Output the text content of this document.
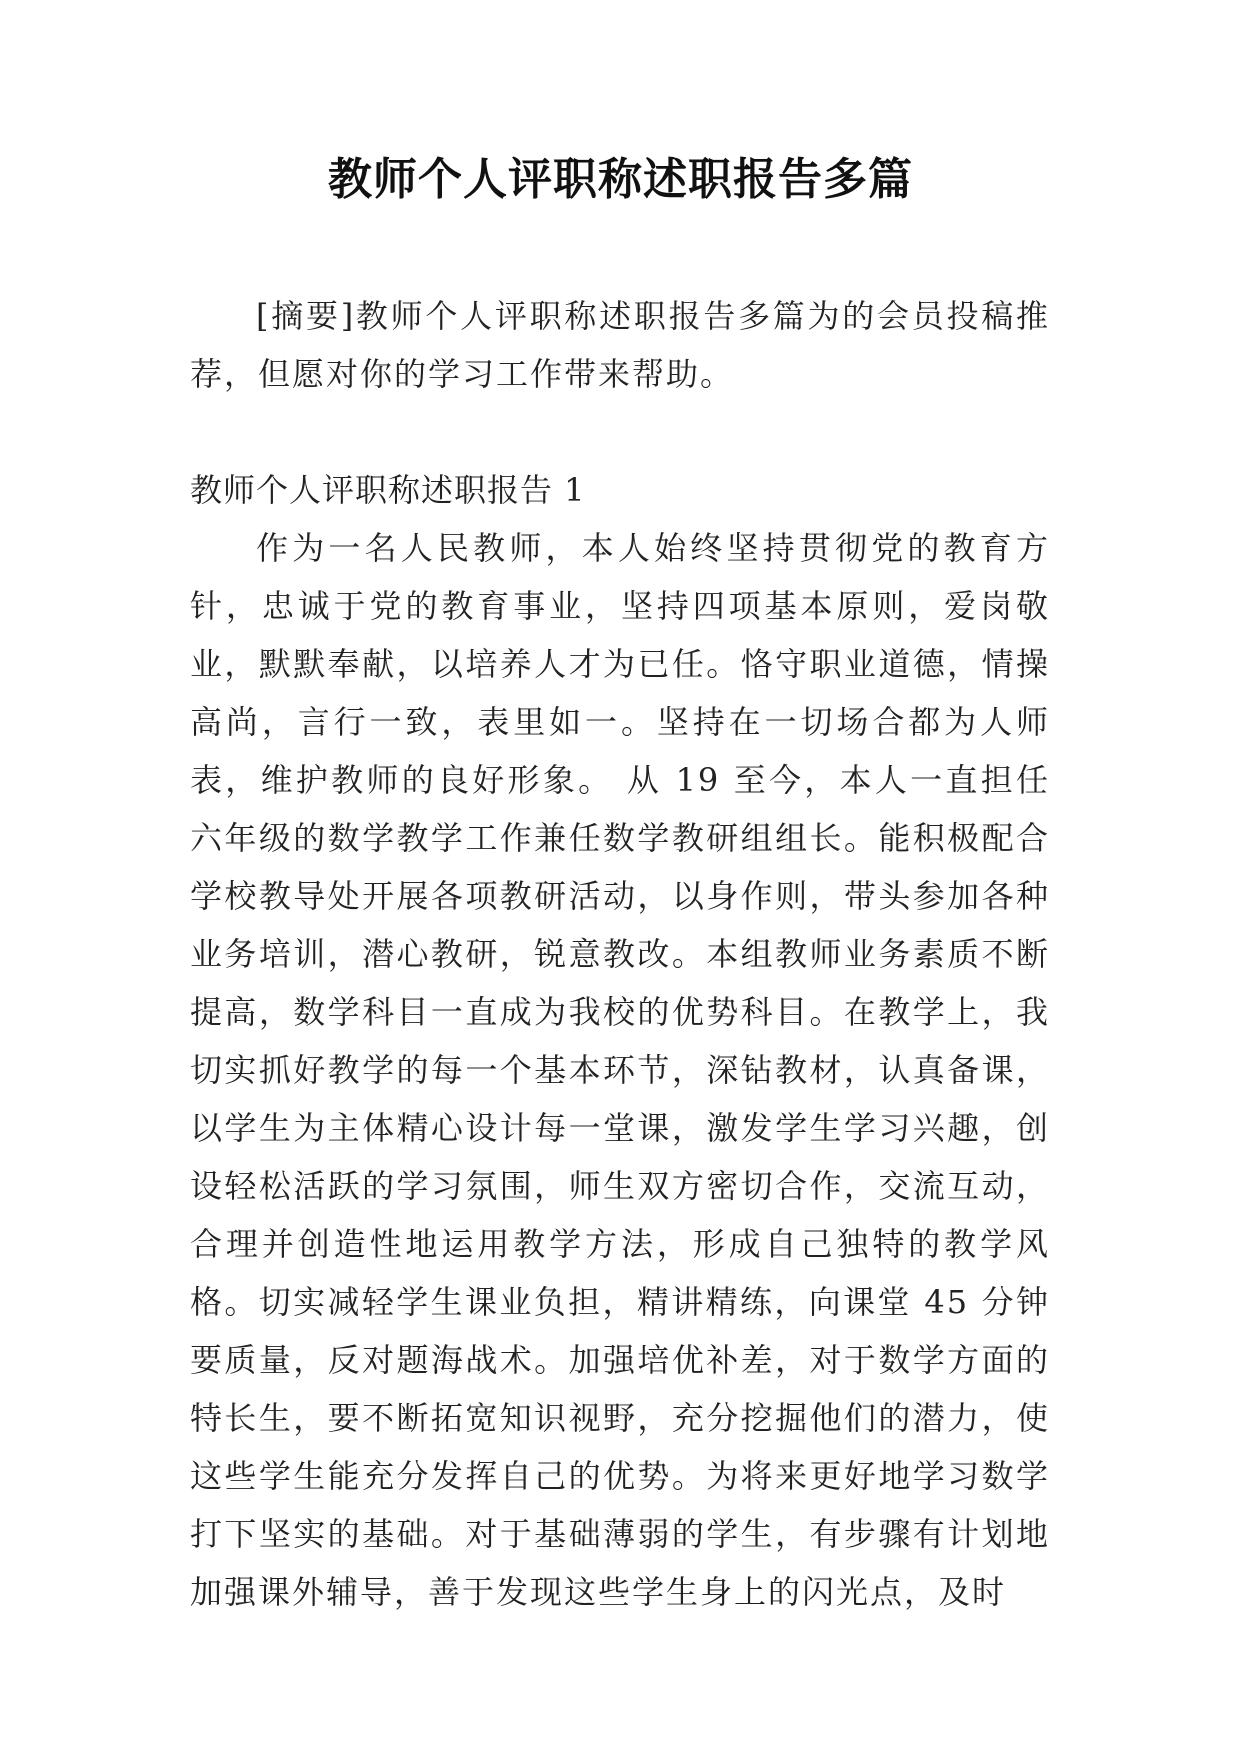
教师个人评职称述职报告多篇
[摘要]教师个人评职称述职报告多篇为的会员投稿推荐，但愿对你的学习工作带来帮助。
教师个人评职称述职报告 1
作为一名人民教师，本人始终坚持贯彻党的教育方针，忠诚于党的教育事业，坚持四项基本原则，爱岗敬业，默默奉献，以培养人才为已任。恪守职业道德，情操高尚，言行一致，表里如一。坚持在一切场合都为人师表，维护教师的良好形象。 从 19 至今，本人一直担任六年级的数学教学工作兼任数学教研组组长。能积极配合学校教导处开展各项教研活动，以身作则，带头参加各种业务培训，潜心教研，锐意教改。本组教师业务素质不断提高，数学科目一直成为我校的优势科目。在教学上，我切实抓好教学的每一个基本环节，深钻教材，认真备课，以学生为主体精心设计每一堂课，激发学生学习兴趣，创设轻松活跃的学习氛围，师生双方密切合作，交流互动，合理并创造性地运用教学方法，形成自己独特的教学风格。切实减轻学生课业负担，精讲精练，向课堂 45 分钟要质量，反对题海战术。加强培优补差，对于数学方面的特长生，要不断拓宽知识视野，充分挖掘他们的潜力，使这些学生能充分发挥自己的优势。为将来更好地学习数学打下坚实的基础。对于基础薄弱的学生，有步骤有计划地加强课外辅导，善于发现这些学生身上的闪光点，及时
